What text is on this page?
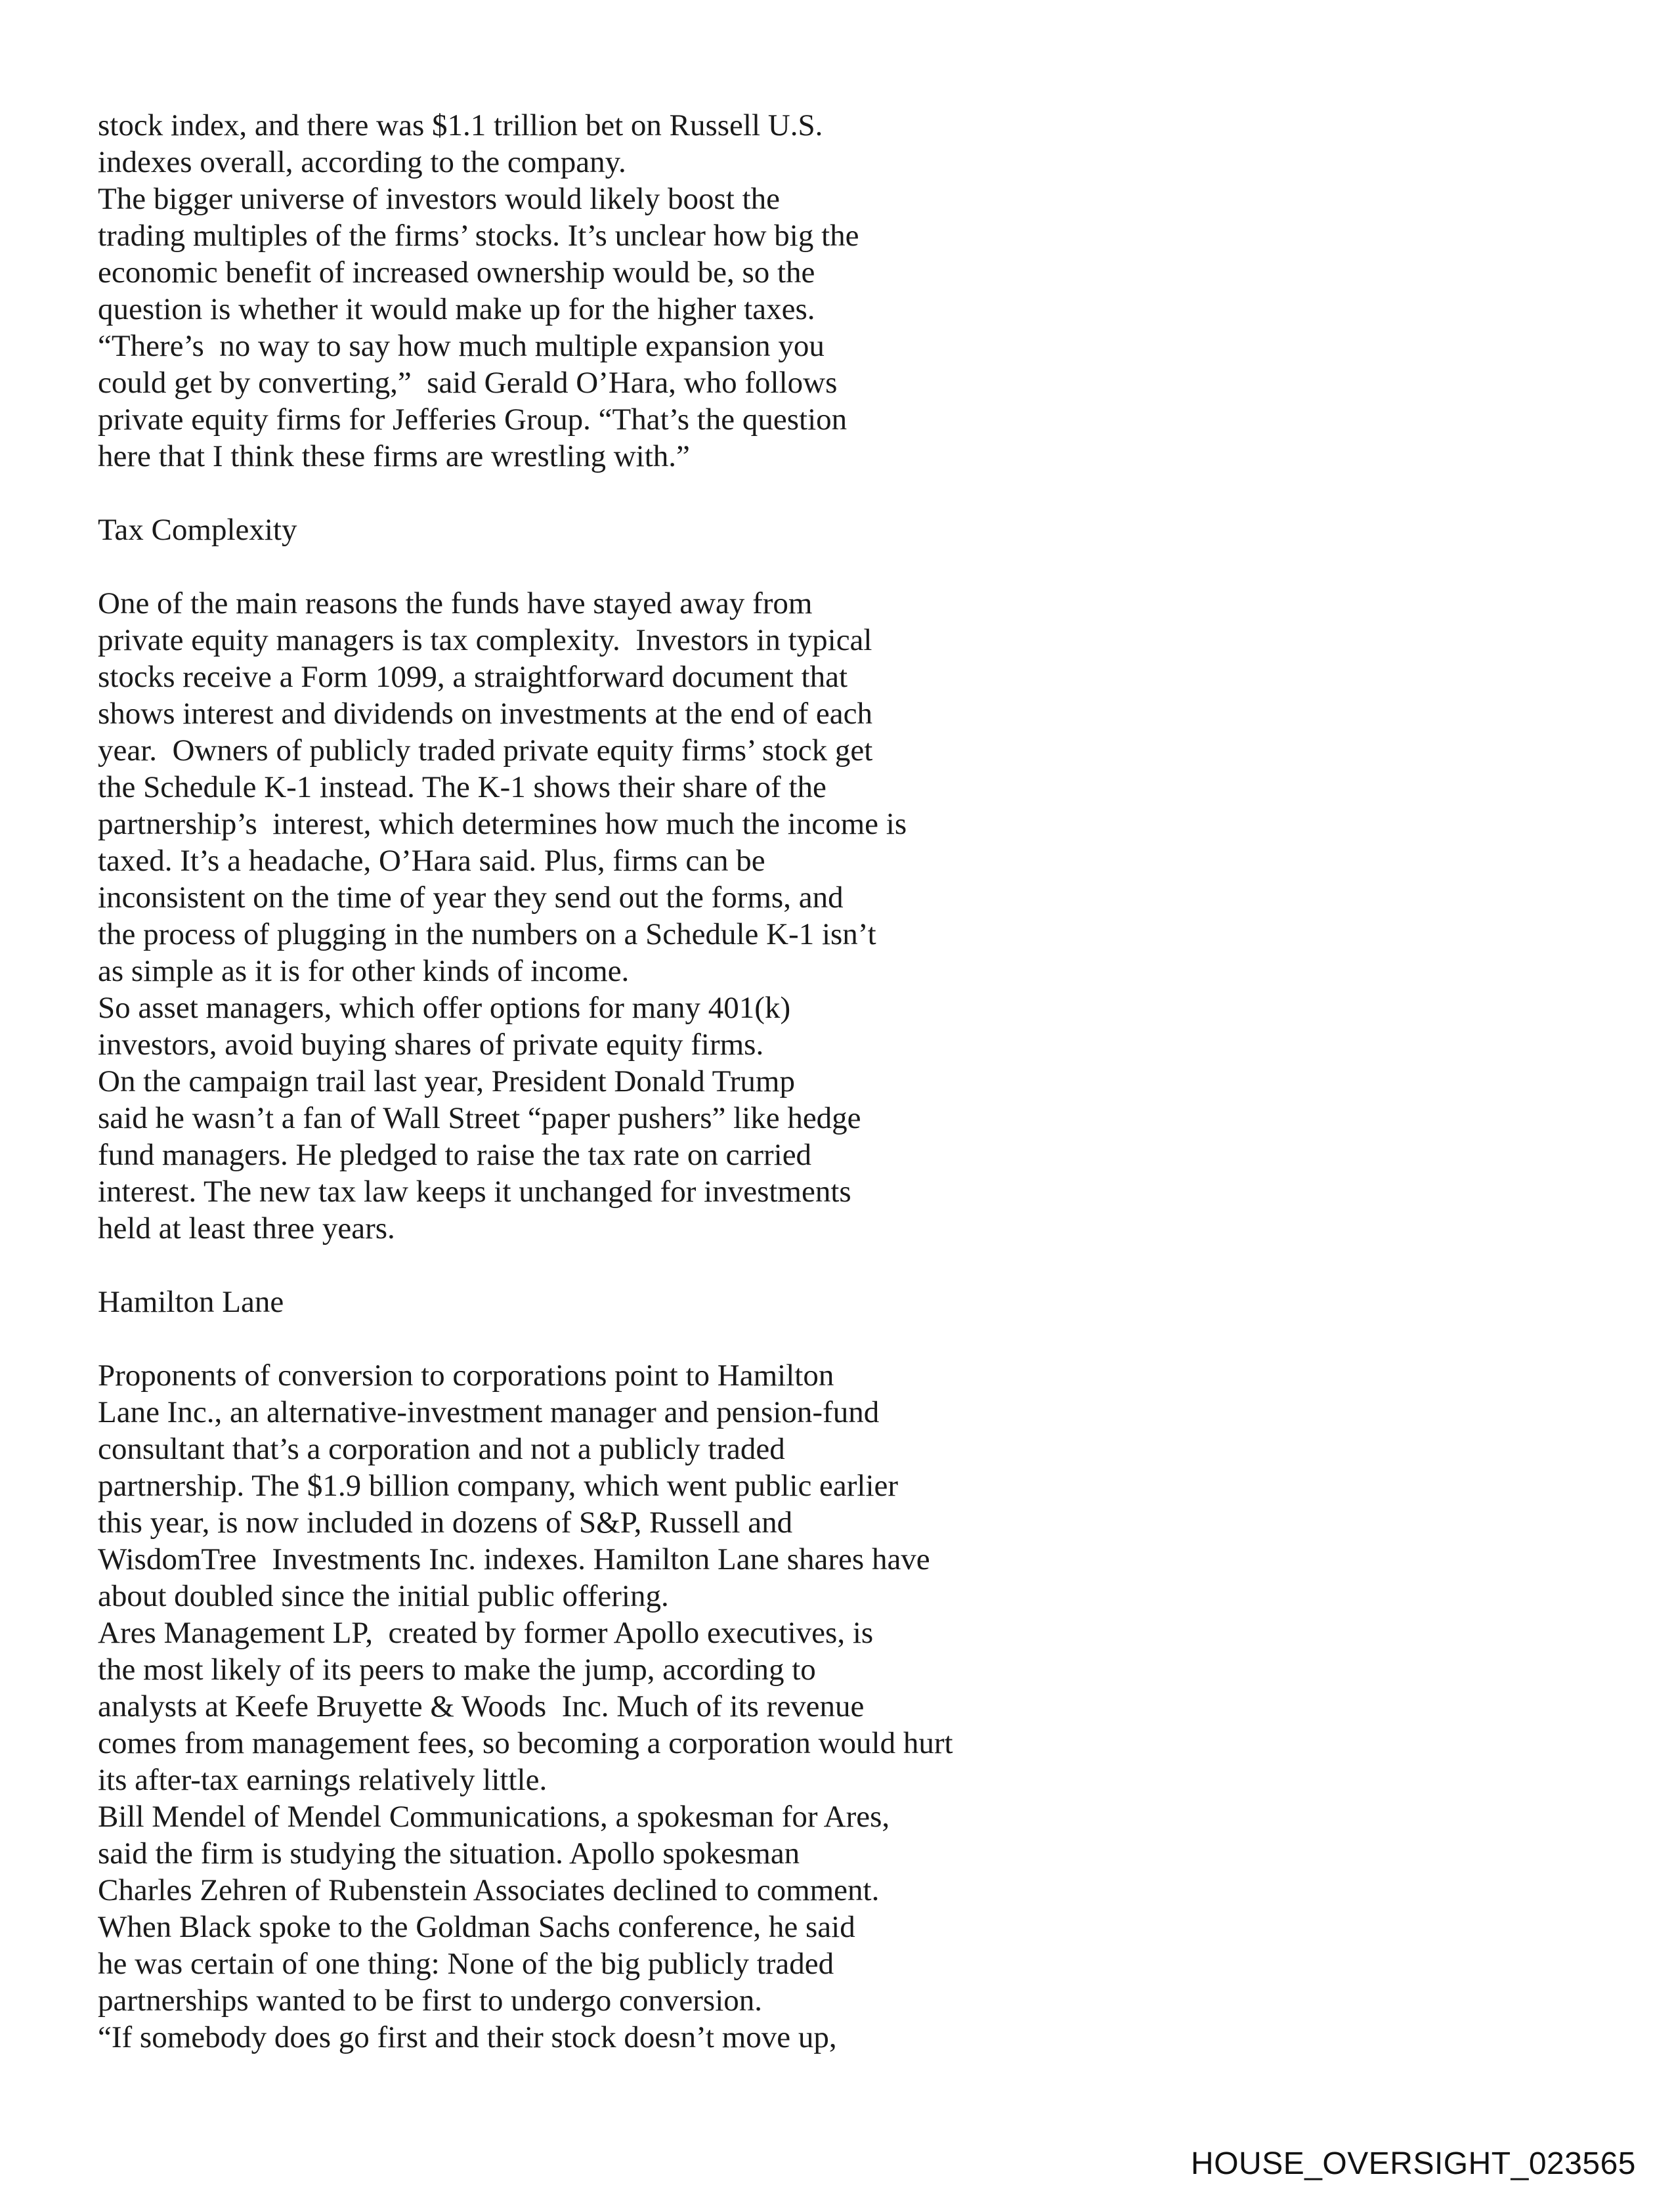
stock index, and there was $1.1 trillion bet on Russell U.S.
indexes overall, according to the company.
The bigger universe of investors would likely boost the
trading multiples of the firms’ stocks. It’s unclear how big the
economic benefit of increased ownership would be, so the
question is whether it would make up for the higher taxes.
“There’s  no way to say how much multiple expansion you
could get by converting,”  said Gerald O’Hara, who follows
private equity firms for Jefferies Group. “That’s the question
here that I think these firms are wrestling with.”
Tax Complexity
One of the main reasons the funds have stayed away from
private equity managers is tax complexity.  Investors in typical
stocks receive a Form 1099, a straightforward document that
shows interest and dividends on investments at the end of each
year.  Owners of publicly traded private equity firms’ stock get
the Schedule K-1 instead. The K-1 shows their share of the
partnership’s  interest, which determines how much the income is
taxed. It’s a headache, O’Hara said. Plus, firms can be
inconsistent on the time of year they send out the forms, and
the process of plugging in the numbers on a Schedule K-1 isn’t
as simple as it is for other kinds of income.
So asset managers, which offer options for many 401(k)
investors, avoid buying shares of private equity firms.
On the campaign trail last year, President Donald Trump
said he wasn’t a fan of Wall Street “paper pushers” like hedge
fund managers. He pledged to raise the tax rate on carried
interest. The new tax law keeps it unchanged for investments
held at least three years.
Hamilton Lane
Proponents of conversion to corporations point to Hamilton
Lane Inc., an alternative-investment manager and pension-fund
consultant that’s a corporation and not a publicly traded
partnership. The $1.9 billion company, which went public earlier
this year, is now included in dozens of S&P, Russell and
WisdomTree  Investments Inc. indexes. Hamilton Lane shares have
about doubled since the initial public offering.
Ares Management LP,  created by former Apollo executives, is
the most likely of its peers to make the jump, according to
analysts at Keefe Bruyette & Woods  Inc. Much of its revenue
comes from management fees, so becoming a corporation would hurt
its after-tax earnings relatively little.
Bill Mendel of Mendel Communications, a spokesman for Ares,
said the firm is studying the situation. Apollo spokesman
Charles Zehren of Rubenstein Associates declined to comment.
When Black spoke to the Goldman Sachs conference, he said
he was certain of one thing: None of the big publicly traded
partnerships wanted to be first to undergo conversion.
“If somebody does go first and their stock doesn’t move up,
HOUSE_OVERSIGHT_023565
